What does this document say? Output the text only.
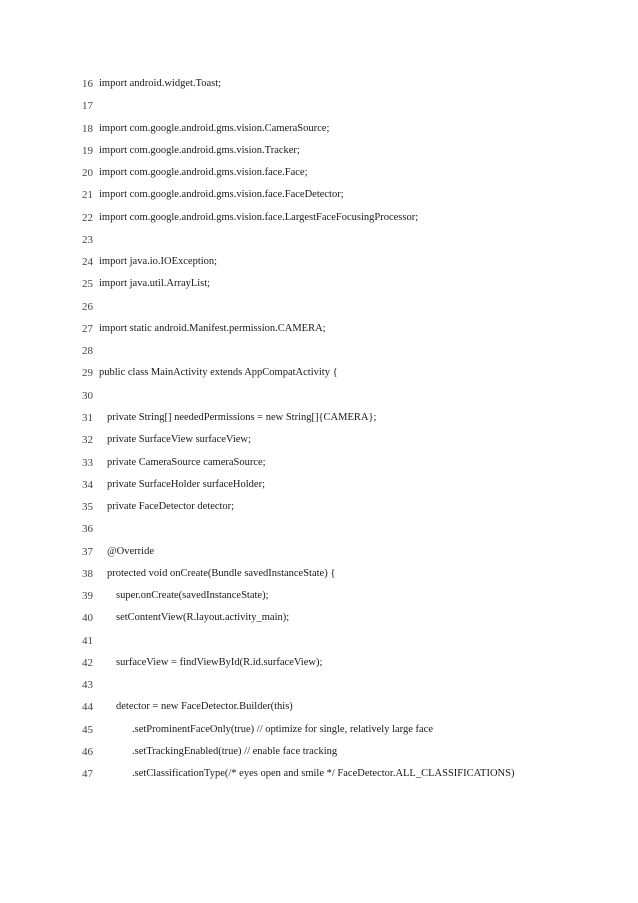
16 import android.widget.Toast;
17
18 import com.google.android.gms.vision.CameraSource;
19 import com.google.android.gms.vision.Tracker;
20 import com.google.android.gms.vision.face.Face;
21 import com.google.android.gms.vision.face.FaceDetector;
22 import com.google.android.gms.vision.face.LargestFaceFocusingProcessor;
23
24 import java.io.IOException;
25 import java.util.ArrayList;
26
27 import static android.Manifest.permission.CAMERA;
28
29 public class MainActivity extends AppCompatActivity {
30
31 private String[] neededPermissions = new String[]{CAMERA};
32 private SurfaceView surfaceView;
33 private CameraSource cameraSource;
34 private SurfaceHolder surfaceHolder;
35 private FaceDetector detector;
36
37 @Override
38 protected void onCreate(Bundle savedInstanceState) {
39 super.onCreate(savedInstanceState);
40 setContentView(R.layout.activity_main);
41
42 surfaceView = findViewById(R.id.surfaceView);
43
44 detector = new FaceDetector.Builder(this)
45	.setProminentFaceOnly(true) // optimize for single, relatively large face
46	.setTrackingEnabled(true) // enable face tracking
47	.setClassificationType(/* eyes open and smile */ FaceDetector.ALL_CLASSIFICATIONS)
